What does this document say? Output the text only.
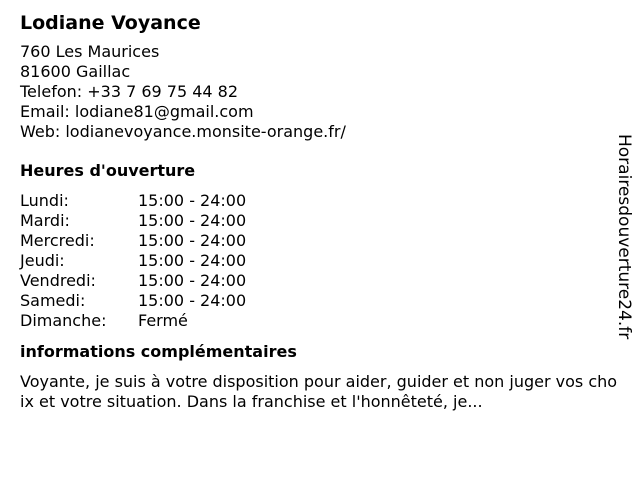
Lodiane Voyance
760 Les Maurices
81600 Gaillac
Telefon: +33 7 69 75 44 82
Email: lodiane81@gmail.com
Web: lodianevoyance.monsite-orange.fr/
Heures d'ouverture
Lundi:	15:00 - 24:00
Mardi:	15:00 - 24:00
Mercredi:	15:00 - 24:00
Jeudi:	15:00 - 24:00
Vendredi:	15:00 - 24:00
Samedi:	15:00 - 24:00
Dimanche:	Fermé
informations complémentaires
Voyante, je suis à votre disposition pour aider, guider et non juger vos choix et votre situation. Dans la franchise et l'honnêteté, je...
Horairesdouverture24.fr
